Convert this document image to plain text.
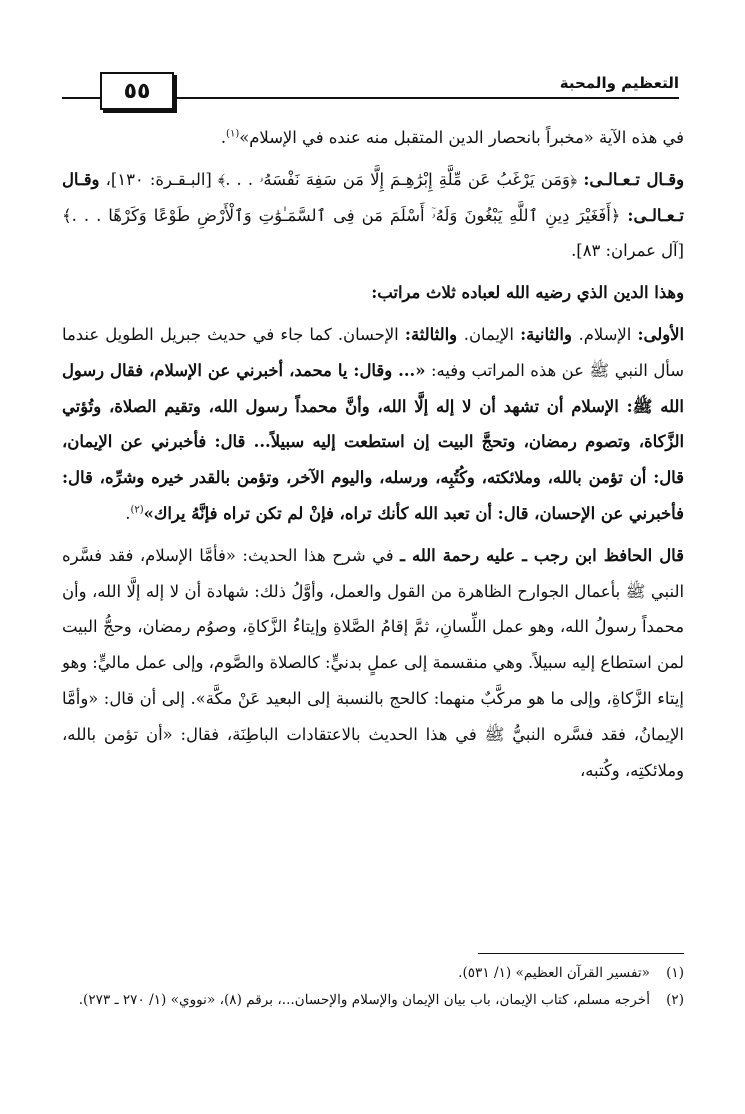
٥٥	التعظيم والمحبة

في هذه الآية «مخبراً بانحصار الدين المتقبل منه عنده في الإسلام»$^{(١)}$.

وقـال تـعـالـى: ﴿وَمَن يَرْغَبُ عَن مِّلَّةِ إِبْرَٰهِـمَ إِلَّا مَن سَفِهَ نَفْسَهُۥ . . .﴾ [البـقـرة: ١٣٠]، وقـال تـعـالـى: ﴿أَفَغَيْرَ دِينِ ٱللَّهِ يَبْغُونَ وَلَهُۥٓ أَسْلَمَ مَن فِى ٱلسَّمَـٰوَٰتِ وَٱلْأَرْضِ طَوْعًا وَكَرْهًا . . .﴾ [آل عمران: ٨٣].

وهذا الدين الذي رضيه الله لعباده ثلاث مراتب:

الأولى: الإسلام. والثانية: الإيمان. والثالثة: الإحسان. كما جاء في حديث جبريل الطويل عندما سأل النبي ﷺ عن هذه المراتب وفيه: «... وقال: يا محمد، أخبرني عن الإسلام، فقال رسول الله ﷺ: الإسلام أن تشهد أن لا إله إلَّا الله، وأنَّ محمداً رسول الله، وتقيم الصلاة، وتُؤتي الزَّكاة، وتصوم رمضان، وتحجَّ البيت إن استطعت إليه سبيلاً... قال: فأخبرني عن الإيمان، قال: أن تؤمن بالله، وملائكته، وكُتُبِه، ورسله، واليوم الآخر، وتؤمن بالقدر خيره وشرِّه، قال: فأخبرني عن الإحسان، قال: أن تعبد الله كأنك تراه، فإنْ لم تكن تراه فإنَّهُ يراك»$^{(٢)}$.

قال الحافظ ابن رجب ـ عليه رحمة الله ـ في شرح هذا الحديث: «فأمَّا الإسلام، فقد فسَّره النبي ﷺ بأعمال الجوارح الظاهرة من القول والعمل، وأوَّلُ ذلك: شهادة أن لا إله إلَّا الله، وأن محمداً رسولُ الله، وهو عمل اللِّسانِ، ثمَّ إقامُ الصَّلاةِ وإيتاءُ الزَّكاةِ، وصوُم رمضان، وحجُّ البيت لمن استطاع إليه سبيلاً. وهي منقسمة إلى عملٍ بدنيٍّ: كالصلاة والصَّوم، وإلى عمل ماليٍّ: وهو إيتاء الزَّكاةِ، وإلى ما هو مركَّبٌ منهما: كالحج بالنسبة إلى البعيد عَنْ مكَّة». إلى أن قال: «وأمَّا الإيمانُ، فقد فسَّره النبيُّ ﷺ في هذا الحديث بالاعتقادات الباطِنَة، فقال: «أن تؤمن بالله، وملائكتِه، وكُتبه،

(١)«تفسير القرآن العظيم» (١/ ٥٣١).

(٢)أخرجه مسلم، كتاب الإيمان، باب بيان الإيمان والإسلام والإحسان...، برقم (٨)، «نووي» (١/ ٢٧٠ ـ ٢٧٣).
